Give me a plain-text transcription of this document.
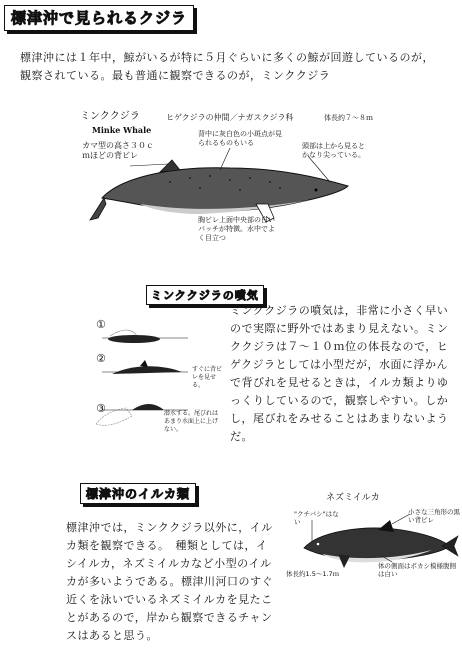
標津沖で見られるクジラ

標津沖には１年中，鯨がいるが特に５月ぐらいに多くの鯨が回遊しているのが，観察されている。最も普通に観察できるのが，ミンククジラ

ミンククジラ
Minke Whale
ヒゲクジラの仲間／ナガスクジラ科	体長約７～８ｍ
背中に灰白色の小斑点が見られるものもいる	頭部は上から見るとかなり尖っている。
カマ型の高さ３０ｃｍほどの背ビレ
胸ビレ上面中央部の白いパッチが特徴。水中でよく目立つ
ミンククジラの噴気
①
②
③
すぐに背ビレを見せる。
潜水する。尾びれはあまり水面上に上げない。

ミンククジラの噴気は，非常に小さく早いので実際に野外ではあまり見えない。ミンククジラは７～１０ｍ位の体長なので，ヒゲクジラとしては小型だが，水面に浮かんで背びれを見せるときは，イルカ類よりゆっくりしているので，観察しやすい。しかし，尾びれをみせることはあまりないようだ。

標津沖のイルカ類

標津沖では，ミンククジラ以外に，イルカ類を観察できる。　種類としては，イシイルカ，ネズミイルカなど小型のイルカが多いようである。標津川河口のすぐ近くを泳いでいるネズミイルカを見たことがあるので，岸から観察できるチャンスはあると思う。

ネズミイルカ
"クチバシ"はない
小さな三角形の黒い背ビレ
体の側面はボカシ模様腹側は白い
体長約1.5～1.7ｍ
